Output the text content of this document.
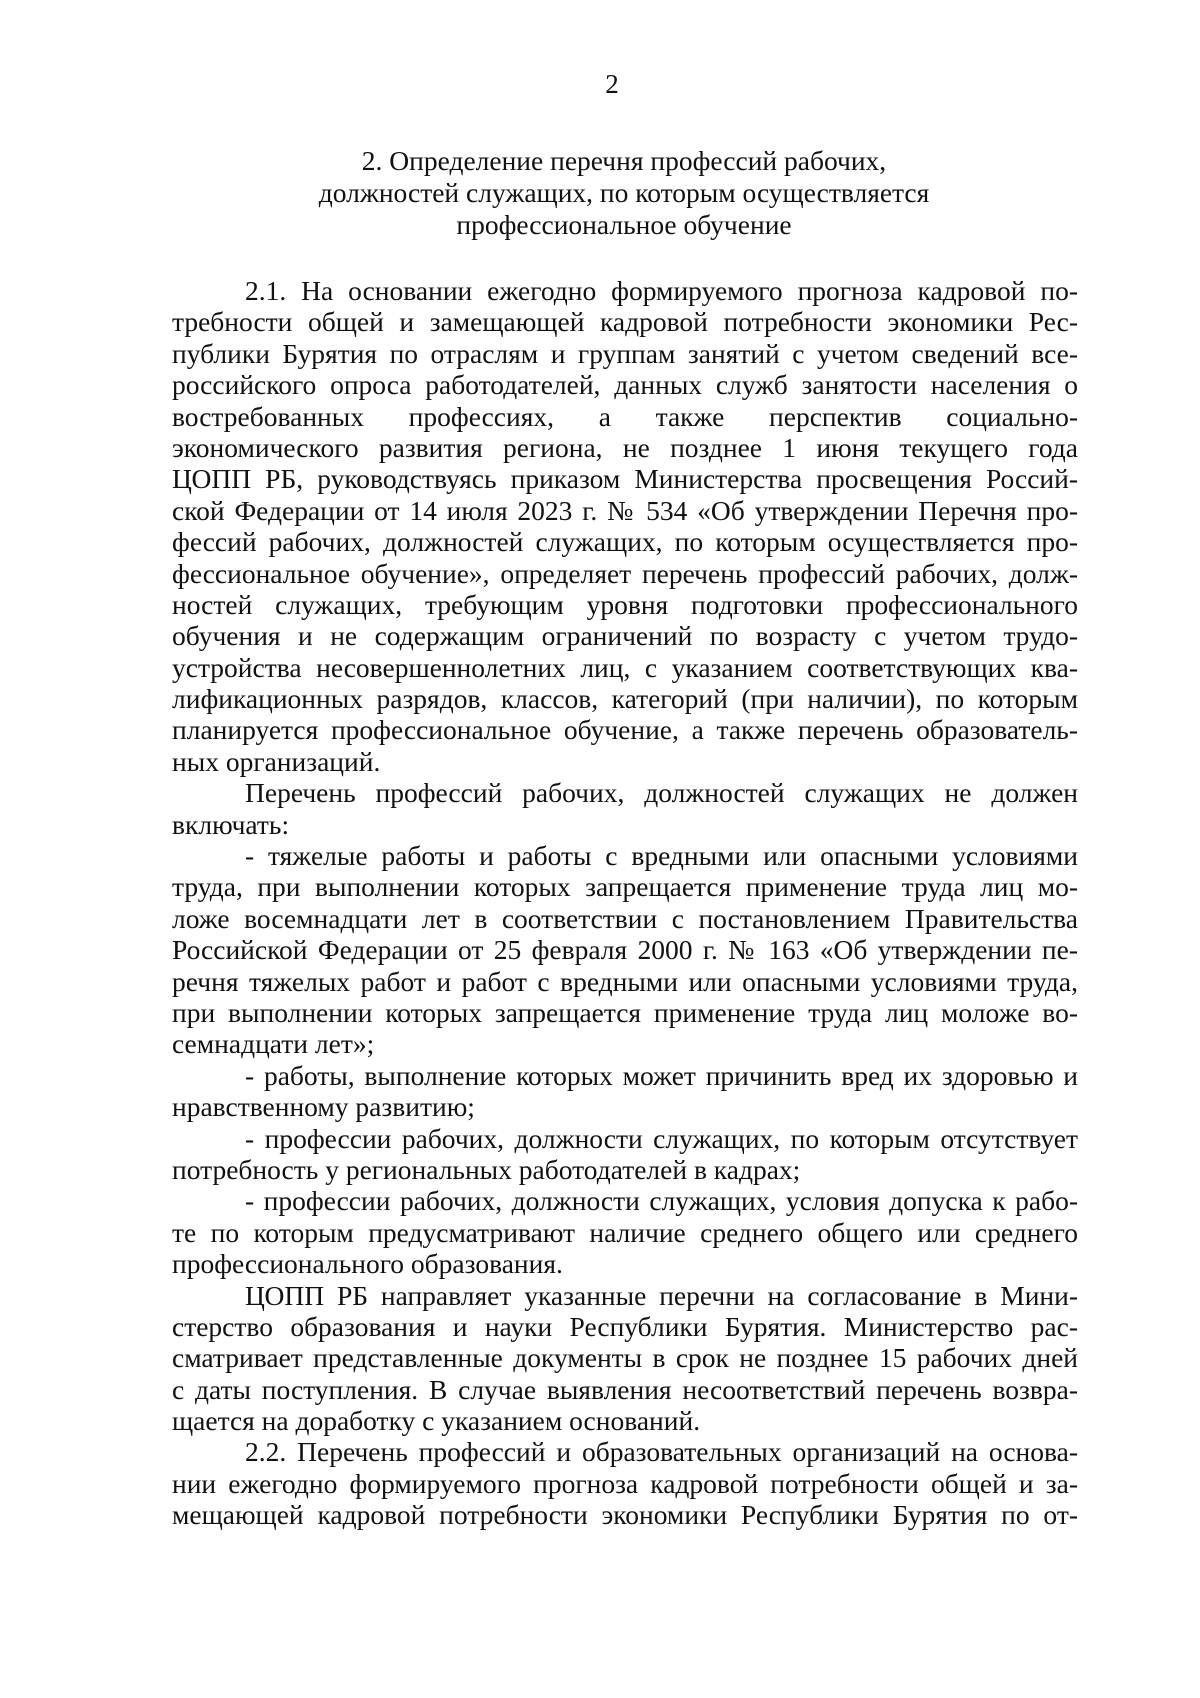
2
2. Определение перечня профессий рабочих,
должностей служащих, по которым осуществляется
профессиональное обучение
2.1. На основании ежегодно формируемого прогноза кадровой по-
требности общей и замещающей кадровой потребности экономики Рес-
публики Бурятия по отраслям и группам занятий с учетом сведений все-
российского опроса работодателей, данных служб занятости населения о
востребованных профессиях, а также перспектив социально-
экономического развития региона, не позднее 1 июня текущего года
ЦОПП РБ, руководствуясь приказом Министерства просвещения Россий-
ской Федерации от 14 июля 2023 г. № 534 «Об утверждении Перечня про-
фессий рабочих, должностей служащих, по которым осуществляется про-
фессиональное обучение», определяет перечень профессий рабочих, долж-
ностей служащих, требующим уровня подготовки профессионального
обучения и не содержащим ограничений по возрасту с учетом трудо-
устройства несовершеннолетних лиц, с указанием соответствующих ква-
лификационных разрядов, классов, категорий (при наличии), по которым
планируется профессиональное обучение, а также перечень образователь-
ных организаций.
Перечень профессий рабочих, должностей служащих не должен
включать:
- тяжелые работы и работы с вредными или опасными условиями
труда, при выполнении которых запрещается применение труда лиц мо-
ложе восемнадцати лет в соответствии с постановлением Правительства
Российской Федерации от 25 февраля 2000 г. № 163 «Об утверждении пе-
речня тяжелых работ и работ с вредными или опасными условиями труда,
при выполнении которых запрещается применение труда лиц моложе во-
семнадцати лет»;
- работы, выполнение которых может причинить вред их здоровью и
нравственному развитию;
- профессии рабочих, должности служащих, по которым отсутствует
потребность у региональных работодателей в кадрах;
- профессии рабочих, должности служащих, условия допуска к рабо-
те по которым предусматривают наличие среднего общего или среднего
профессионального образования.
ЦОПП РБ направляет указанные перечни на согласование в Мини-
стерство образования и науки Республики Бурятия. Министерство рас-
сматривает представленные документы в срок не позднее 15 рабочих дней
с даты поступления. В случае выявления несоответствий перечень возвра-
щается на доработку с указанием оснований.
2.2. Перечень профессий и образовательных организаций на основа-
нии ежегодно формируемого прогноза кадровой потребности общей и за-
мещающей кадровой потребности экономики Республики Бурятия по от-
